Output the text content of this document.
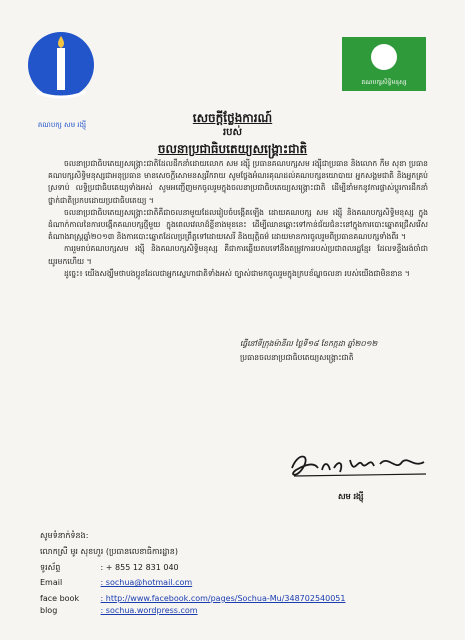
គណបក្ស សម រង្ស៊ី
គណបក្សសិទ្ធិមនុស្ស
សេចក្តីថ្លែងការណ៍
របស់
ចលនាប្រជាធិបតេយ្យសង្រ្គោះជាតិ

ចលនាប្រជាធិបតេយ្យសង្រ្គោះជាតិដែលដឹកនាំដោយលោក សម រង្ស៊ី ប្រធានគណបក្សសម រង្ស៊ីជាប្រធាន និងលោក កឹម សុខា ប្រធានគណបក្សសិទ្ធិមនុស្សជាអនុប្រធាន មានសេចក្តីសោមនស្សរីករាយ សូមថ្លែងអំណរគុណដល់គណបក្សនយោបាយ អ្នកសង្គមជាតិ និងអ្នកគ្រប់ស្រទាប់ លទ្ធិប្រជាធិបតេយ្យទាំងអស់ សូមអញ្ជើញមកចូលរួមក្នុងចលនាប្រជាធិបតេយ្យសង្រ្គោះជាតិ ដើម្បីនាំមកនូវការផ្លាស់ប្តូរការដឹកនាំថ្នាក់ជាតិប្រកបដោយប្រជាធិបតេយ្យ ។

ចលនាប្រជាធិបតេយ្យសង្រ្គោះជាតិគឺជាចលនាមួយដែលរៀបចំបង្កើតឡើង ដោយគណបក្ស សម រង្ស៊ី និងគណបក្សសិទ្ធិមនុស្ស ក្នុងដំណាក់កាលនៃការបង្កើតគណបក្សថ្មីមួយ ក្នុងពេលវេលាដ៏ខ្លីខាងមុខនេះ ដើម្បីឈានឆ្ពោះទៅកាន់ជ័យជំនះនៅក្នុងការបោះឆ្នោតជ្រើសរើសតំណាងរាស្រ្តឆ្នាំ២០១៣ និងការបោះឆ្នោតដែលប្រព្រឹត្តទៅដោយសេរី និងយុត្តិធម៌ ដោយមានការចូលរួមពីប្រធានគណបក្សទាំងពីរ ។

ការរួមរាប់គណបក្សសម រង្ស៊ី និងគណបក្សសិទ្ធិមនុស្ស គឺជាការឆ្លើយតបទៅនឹងតម្រូវការរបស់ប្រជាពលរដ្ឋខ្មែរ ដែលទន្ទឹងរង់ចាំជាយូរមកហើយ ។

ដូច្នេះ៖ យើងសង្ឃឹមថាបងប្អូនដែលជាអ្នកស្នេហាជាតិទាំងអស់ ច្បាស់ជាមកចូលរួមក្នុងក្របខ័ណ្ឌចលនា របស់យើងជាមិនខាន ។

ធ្វើនៅទីក្រុងម៉ានីល ថ្ងៃទី១៨ ខែកក្កដា ឆ្នាំ២០១២
ប្រធានចលនាប្រជាធិបតេយ្យសង្រ្គោះជាតិ
សម រង្ស៊ី
សូមទំនាក់ទំនង:
លោកស្រី មូរ សុខហួរ (ប្រធានលេខាធិការដ្ឋាន)
ទូរស័ព្ទ	: + 855 12 831 040
Email	: sochua@hotmail.com
face book	: http://www.facebook.com/pages/Sochua-Mu/348702540051
blog	: sochua.wordpress.com
